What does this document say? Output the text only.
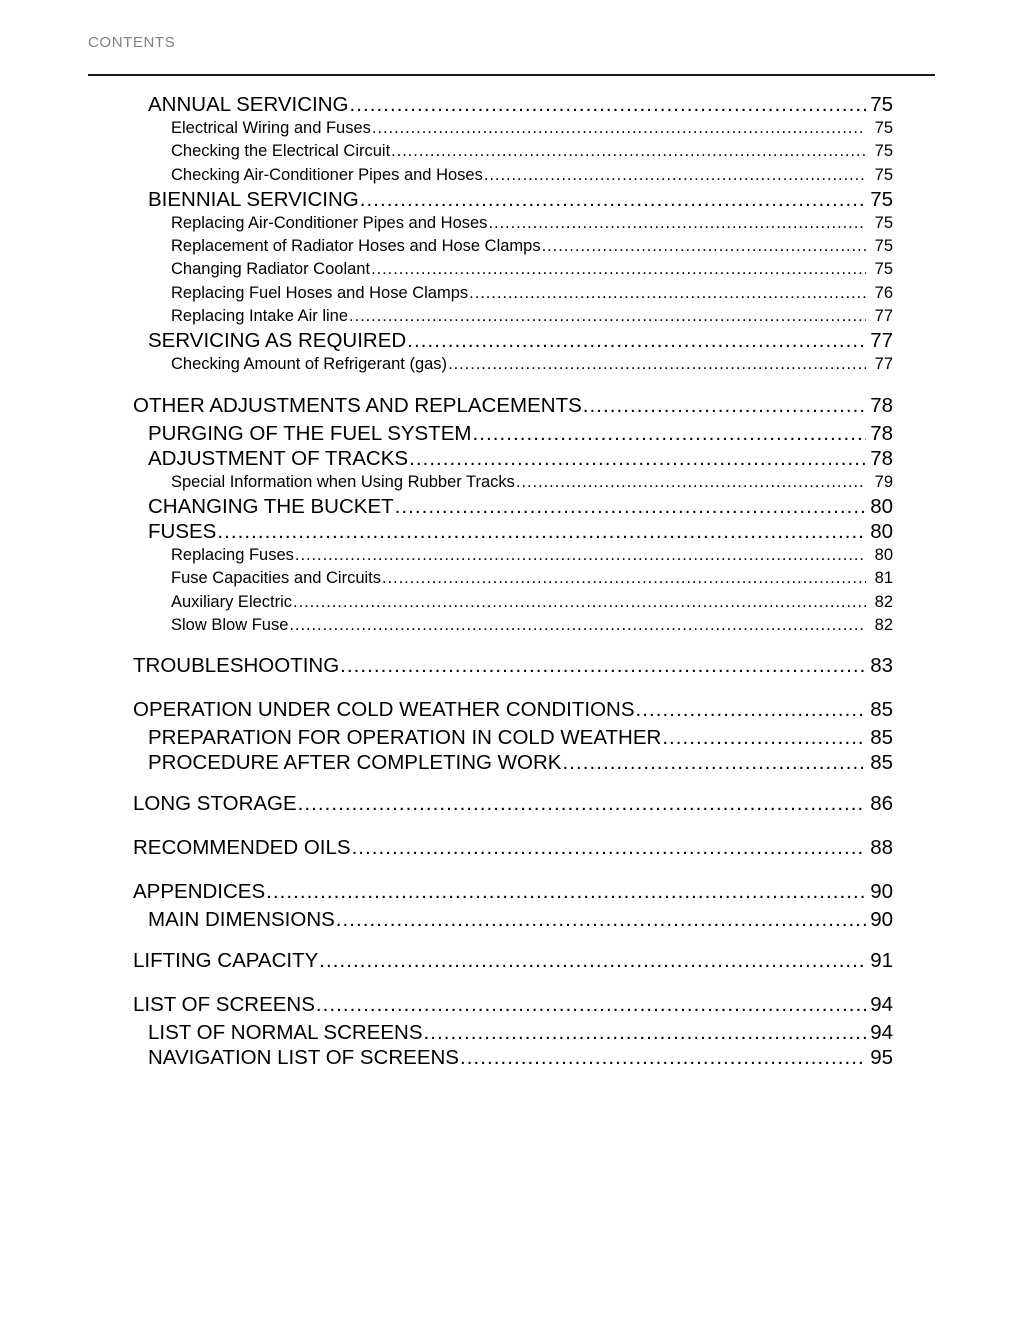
CONTENTS
ANNUAL SERVICING .....	75
Electrical Wiring and Fuses .....	75
Checking the Electrical Circuit .....	75
Checking Air-Conditioner Pipes and Hoses .....	75
BIENNIAL SERVICING .....	75
Replacing Air-Conditioner Pipes and Hoses .....	75
Replacement of Radiator Hoses and Hose Clamps .....	75
Changing Radiator Coolant .....	75
Replacing Fuel Hoses and Hose Clamps .....	76
Replacing Intake Air line .....	77
SERVICING AS REQUIRED .....	77
Checking Amount of Refrigerant (gas) .....	77
OTHER ADJUSTMENTS AND REPLACEMENTS .....	78
PURGING OF THE FUEL SYSTEM .....	78
ADJUSTMENT OF TRACKS .....	78
Special Information when Using Rubber Tracks .....	79
CHANGING THE BUCKET .....	80
FUSES .....	80
Replacing Fuses .....	80
Fuse Capacities and Circuits .....	81
Auxiliary Electric .....	82
Slow Blow Fuse .....	82
TROUBLESHOOTING .....	83
OPERATION UNDER COLD WEATHER CONDITIONS .....	85
PREPARATION FOR OPERATION IN COLD WEATHER .....	85
PROCEDURE AFTER COMPLETING WORK .....	85
LONG STORAGE .....	86
RECOMMENDED OILS .....	88
APPENDICES .....	90
MAIN DIMENSIONS .....	90
LIFTING CAPACITY .....	91
LIST OF SCREENS .....	94
LIST OF NORMAL SCREENS .....	94
NAVIGATION LIST OF SCREENS .....	95
